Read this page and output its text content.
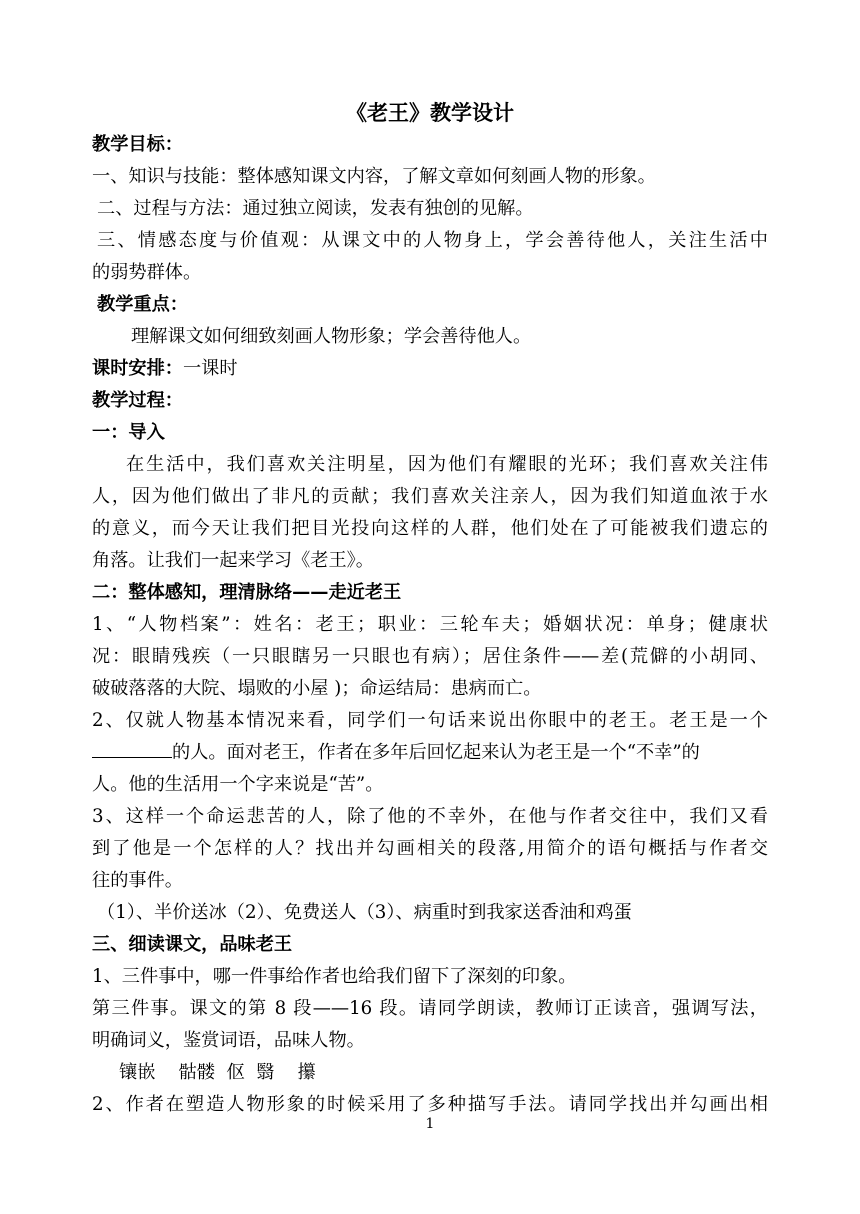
《老王》教学设计

教学目标：

一、知识与技能：整体感知课文内容，了解文章如何刻画人物的形象。

二、过程与方法：通过独立阅读，发表有独创的见解。

三、情感态度与价值观：从课文中的人物身上，学会善待他人，关注生活中

的弱势群体。

教学重点：

理解课文如何细致刻画人物形象；学会善待他人。

课时安排：一课时

教学过程：

一：导入

在生活中，我们喜欢关注明星，因为他们有耀眼的光环；我们喜欢关注伟

人，因为他们做出了非凡的贡献；我们喜欢关注亲人，因为我们知道血浓于水

的意义，而今天让我们把目光投向这样的人群，他们处在了可能被我们遗忘的

角落。让我们一起来学习《老王》。

二：整体感知，理清脉络——走近老王

1、“人物档案”：姓名：老王；职业：三轮车夫；婚姻状况：单身；健康状

况：眼睛残疾（一只眼瞎另一只眼也有病）；居住条件——差(荒僻的小胡同、

破破落落的大院、塌败的小屋 )；命运结局：患病而亡。

2、仅就人物基本情况来看，同学们一句话来说出你眼中的老王。老王是一个

的人。面对老王，作者在多年后回忆起来认为老王是一个“不幸”的

人。他的生活用一个字来说是“苦”。

3、这样一个命运悲苦的人，除了他的不幸外，在他与作者交往中，我们又看

到了他是一个怎样的人？找出并勾画相关的段落,用简介的语句概括与作者交

往的事件。

（1）、半价送冰（2）、免费送人（3）、病重时到我家送香油和鸡蛋

三、细读课文，品味老王

1、三件事中，哪一件事给作者也给我们留下了深刻的印象。

第三件事。课文的第 8 段——16 段。请同学朗读，教师订正读音，强调写法，

明确词义，鉴赏词语，品味人物。

镶嵌    骷髅  伛  翳    攥

2、作者在塑造人物形象的时候采用了多种描写手法。请同学找出并勾画出相

1
